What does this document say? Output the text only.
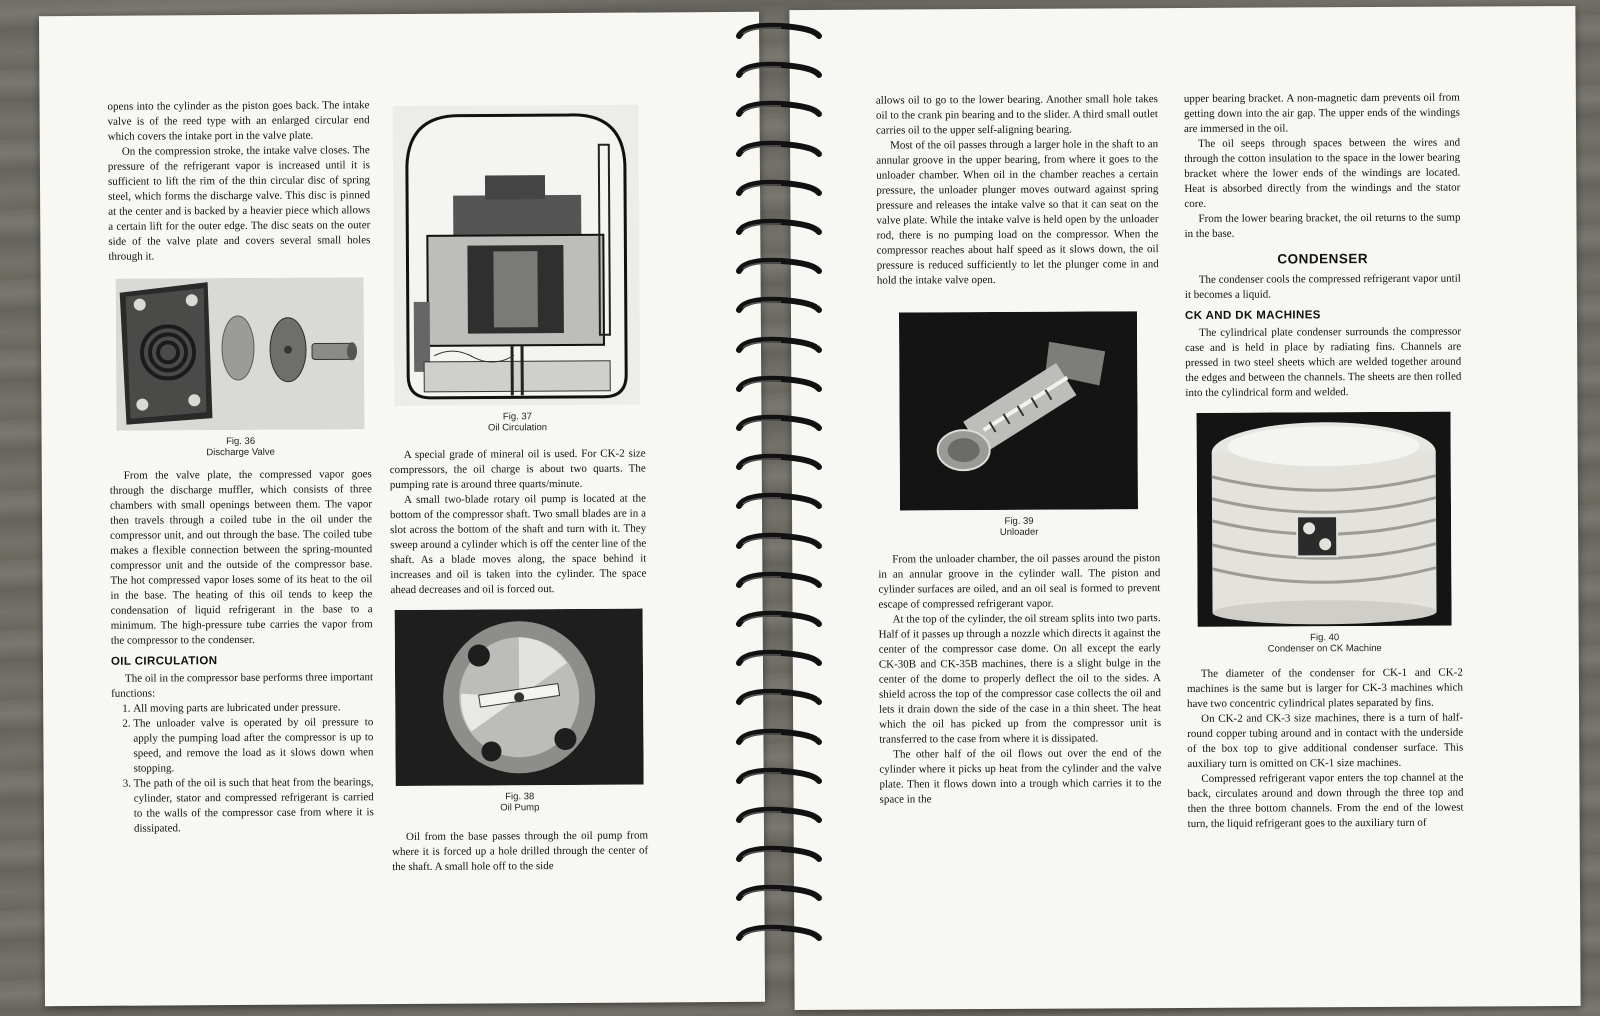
opens into the cylinder as the piston goes back. The intake valve is of the reed type with an enlarged circular end which covers the intake port in the valve plate.

On the compression stroke, the intake valve closes. The pressure of the refrigerant vapor is increased until it is sufficient to lift the rim of the thin circular disc of spring steel, which forms the discharge valve. This disc is pinned at the center and is backed by a heavier piece which allows a certain lift for the outer edge. The disc seats on the outer side of the valve plate and covers several small holes through it.

Fig. 36
Discharge Valve

From the valve plate, the compressed vapor goes through the discharge muffler, which consists of three chambers with small openings between them. The vapor then travels through a coiled tube in the oil under the compressor unit, and out through the base. The coiled tube makes a flexible connection between the spring-mounted compressor unit and the outside of the compressor base. The hot compressed vapor loses some of its heat to the oil in the base. The heating of this oil tends to keep the condensation of liquid refrigerant in the base to a minimum. The high-pressure tube carries the vapor from the compressor to the condenser.

OIL CIRCULATION

The oil in the compressor base performs three important functions:

1. All moving parts are lubricated under pressure.
2. The unloader valve is operated by oil pressure to apply the pumping load after the compressor is up to speed, and remove the load as it slows down when stopping.
3. The path of the oil is such that heat from the bearings, cylinder, stator and compressed refrigerant is carried to the walls of the compressor case from where it is dissipated.
Fig. 37
Oil Circulation

A special grade of mineral oil is used. For CK-2 size compressors, the oil charge is about two quarts. The pumping rate is around three quarts/minute.

A small two-blade rotary oil pump is located at the bottom of the compressor shaft. Two small blades are in a slot across the bottom of the shaft and turn with it. They sweep around a cylinder which is off the center line of the shaft. As a blade moves along, the space behind it increases and oil is taken into the cylinder. The space ahead decreases and oil is forced out.

Fig. 38
Oil Pump

Oil from the base passes through the oil pump from where it is forced up a hole drilled through the center of the shaft. A small hole off to the side

allows oil to go to the lower bearing. Another small hole takes oil to the crank pin bearing and to the slider. A third small outlet carries oil to the upper self-aligning bearing.

Most of the oil passes through a larger hole in the shaft to an annular groove in the upper bearing, from where it goes to the unloader chamber. When oil in the chamber reaches a certain pressure, the unloader plunger moves outward against spring pressure and releases the intake valve so that it can seat on the valve plate. While the intake valve is held open by the unloader rod, there is no pumping load on the compressor. When the compressor reaches about half speed as it slows down, the oil pressure is reduced sufficiently to let the plunger come in and hold the intake valve open.

Fig. 39
Unloader

From the unloader chamber, the oil passes around the piston in an annular groove in the cylinder wall. The piston and cylinder surfaces are oiled, and an oil seal is formed to prevent escape of compressed refrigerant vapor.

At the top of the cylinder, the oil stream splits into two parts. Half of it passes up through a nozzle which directs it against the center of the compressor case dome. On all except the early CK-30B and CK-35B machines, there is a slight bulge in the center of the dome to properly deflect the oil to the sides. A shield across the top of the compressor case collects the oil and lets it drain down the side of the case in a thin sheet. The heat which the oil has picked up from the compressor unit is transferred to the case from where it is dissipated.

The other half of the oil flows out over the end of the cylinder where it picks up heat from the cylinder and the valve plate. Then it flows down into a trough which carries it to the space in the

upper bearing bracket. A non-magnetic dam prevents oil from getting down into the air gap. The upper ends of the windings are immersed in the oil.

The oil seeps through spaces between the wires and through the cotton insulation to the space in the lower bearing bracket where the lower ends of the windings are located. Heat is absorbed directly from the windings and the stator core.

From the lower bearing bracket, the oil returns to the sump in the base.

CONDENSER

The condenser cools the compressed refrigerant vapor until it becomes a liquid.

CK AND DK MACHINES

The cylindrical plate condenser surrounds the compressor case and is held in place by radiating fins. Channels are pressed in two steel sheets which are welded together around the edges and between the channels. The sheets are then rolled into the cylindrical form and welded.

Fig. 40
Condenser on CK Machine

The diameter of the condenser for CK-1 and CK-2 machines is the same but is larger for CK-3 machines which have two concentric cylindrical plates separated by fins.

On CK-2 and CK-3 size machines, there is a turn of half-round copper tubing around and in contact with the underside of the box top to give additional condenser surface. This auxiliary turn is omitted on CK-1 size machines.

Compressed refrigerant vapor enters the top channel at the back, circulates around and down through the three top and then the three bottom channels. From the end of the lowest turn, the liquid refrigerant goes to the auxiliary turn of
